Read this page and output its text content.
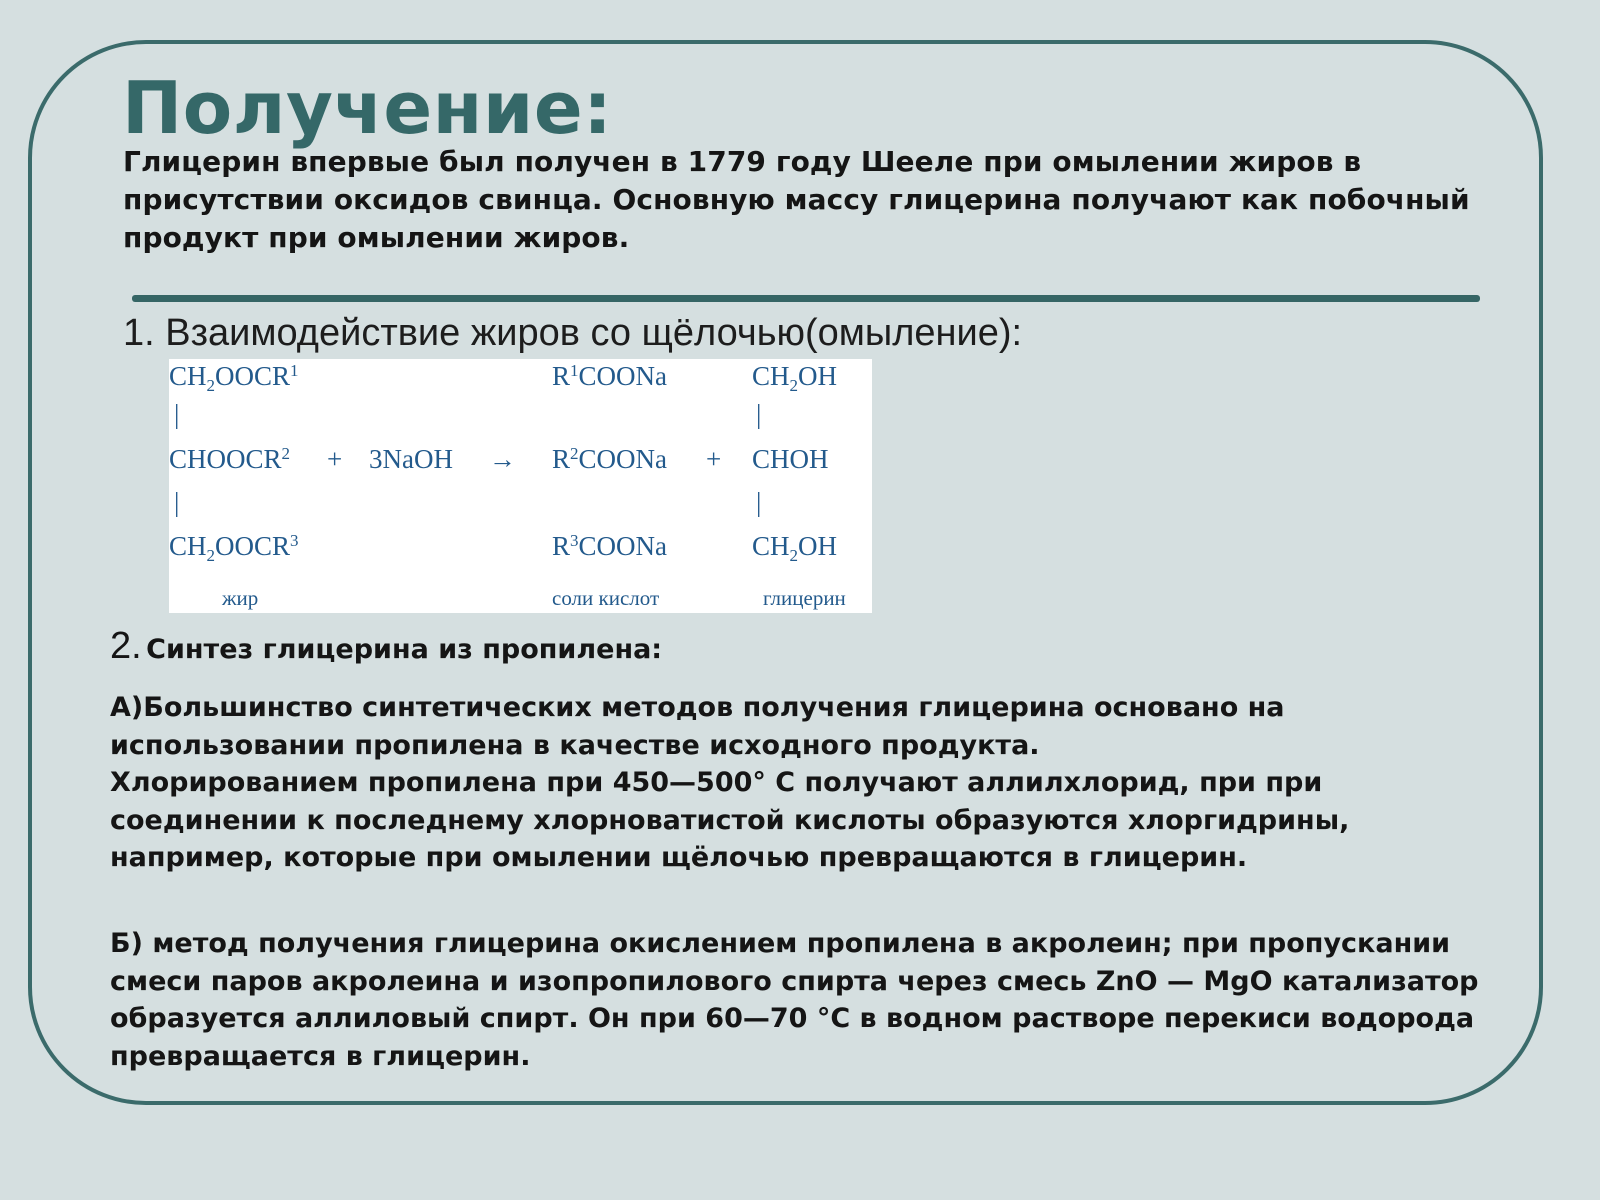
Получение:

Глицерин впервые был получен в 1779 году Шееле при омылении жиров в присутствии оксидов свинца. Основную массу глицерина получают как побочный продукт при омылении жиров.

1. Взаимодействие жиров со щёлочью(омыление):

$CH_2OOCR^1$	$R^1COONa$	$CH_2OH$
|	|
$CHOOCR^2$ + 3NaOH → $R^2COONa$ + CHOH
|	|
$CH_2OOCR^3$	$R^3COONa$	$CH_2OH$
жир	соли кислот	глицерин

2. Синтез глицерина из пропилена:

А)Большинство синтетических методов получения глицерина основано на
использовании пропилена в качестве исходного продукта.
Хлорированием пропилена при 450—500° С получают аллилхлорид, при при
соединении к последнему хлорноватистой кислоты образуются хлоргидрины,
например, которые при омылении щёлочью превращаются в глицерин.
Б) метод получения глицерина окислением пропилена в акролеин; при пропускании
смеси паров акролеина и изопропилового спирта через смесь ZnO — MgO катализатор
образуется аллиловый спирт. Он при 60—70 °С в водном растворе перекиси водорода
превращается в глицерин.
